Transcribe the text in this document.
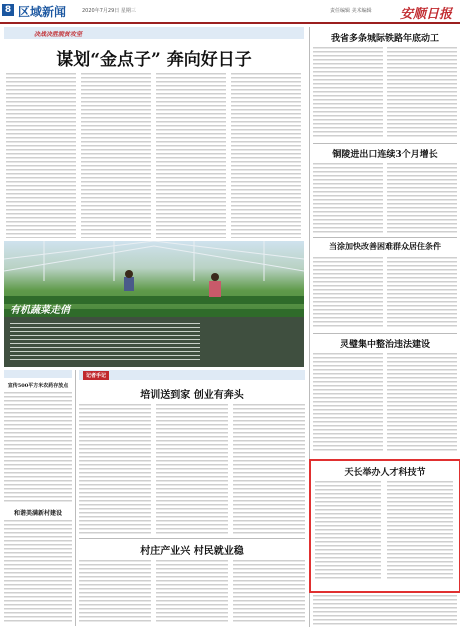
8 区域新闻	2020年7月29日 星期三	责任编辑 美术编辑 安顺日报
决战决胜脱贫攻坚
谋划“金点子” 奔向好日子
有机蔬菜走俏
我省多条城际铁路年底动工
铜陵进出口连续3个月增长
当涂加快改善困难群众居住条件
灵璧集中整治违法建设
天长举办人才科技节
宣传500平方米农药存放点
和谐美满新村建设
记者手记
培训送到家 创业有奔头
村庄产业兴 村民就业稳
